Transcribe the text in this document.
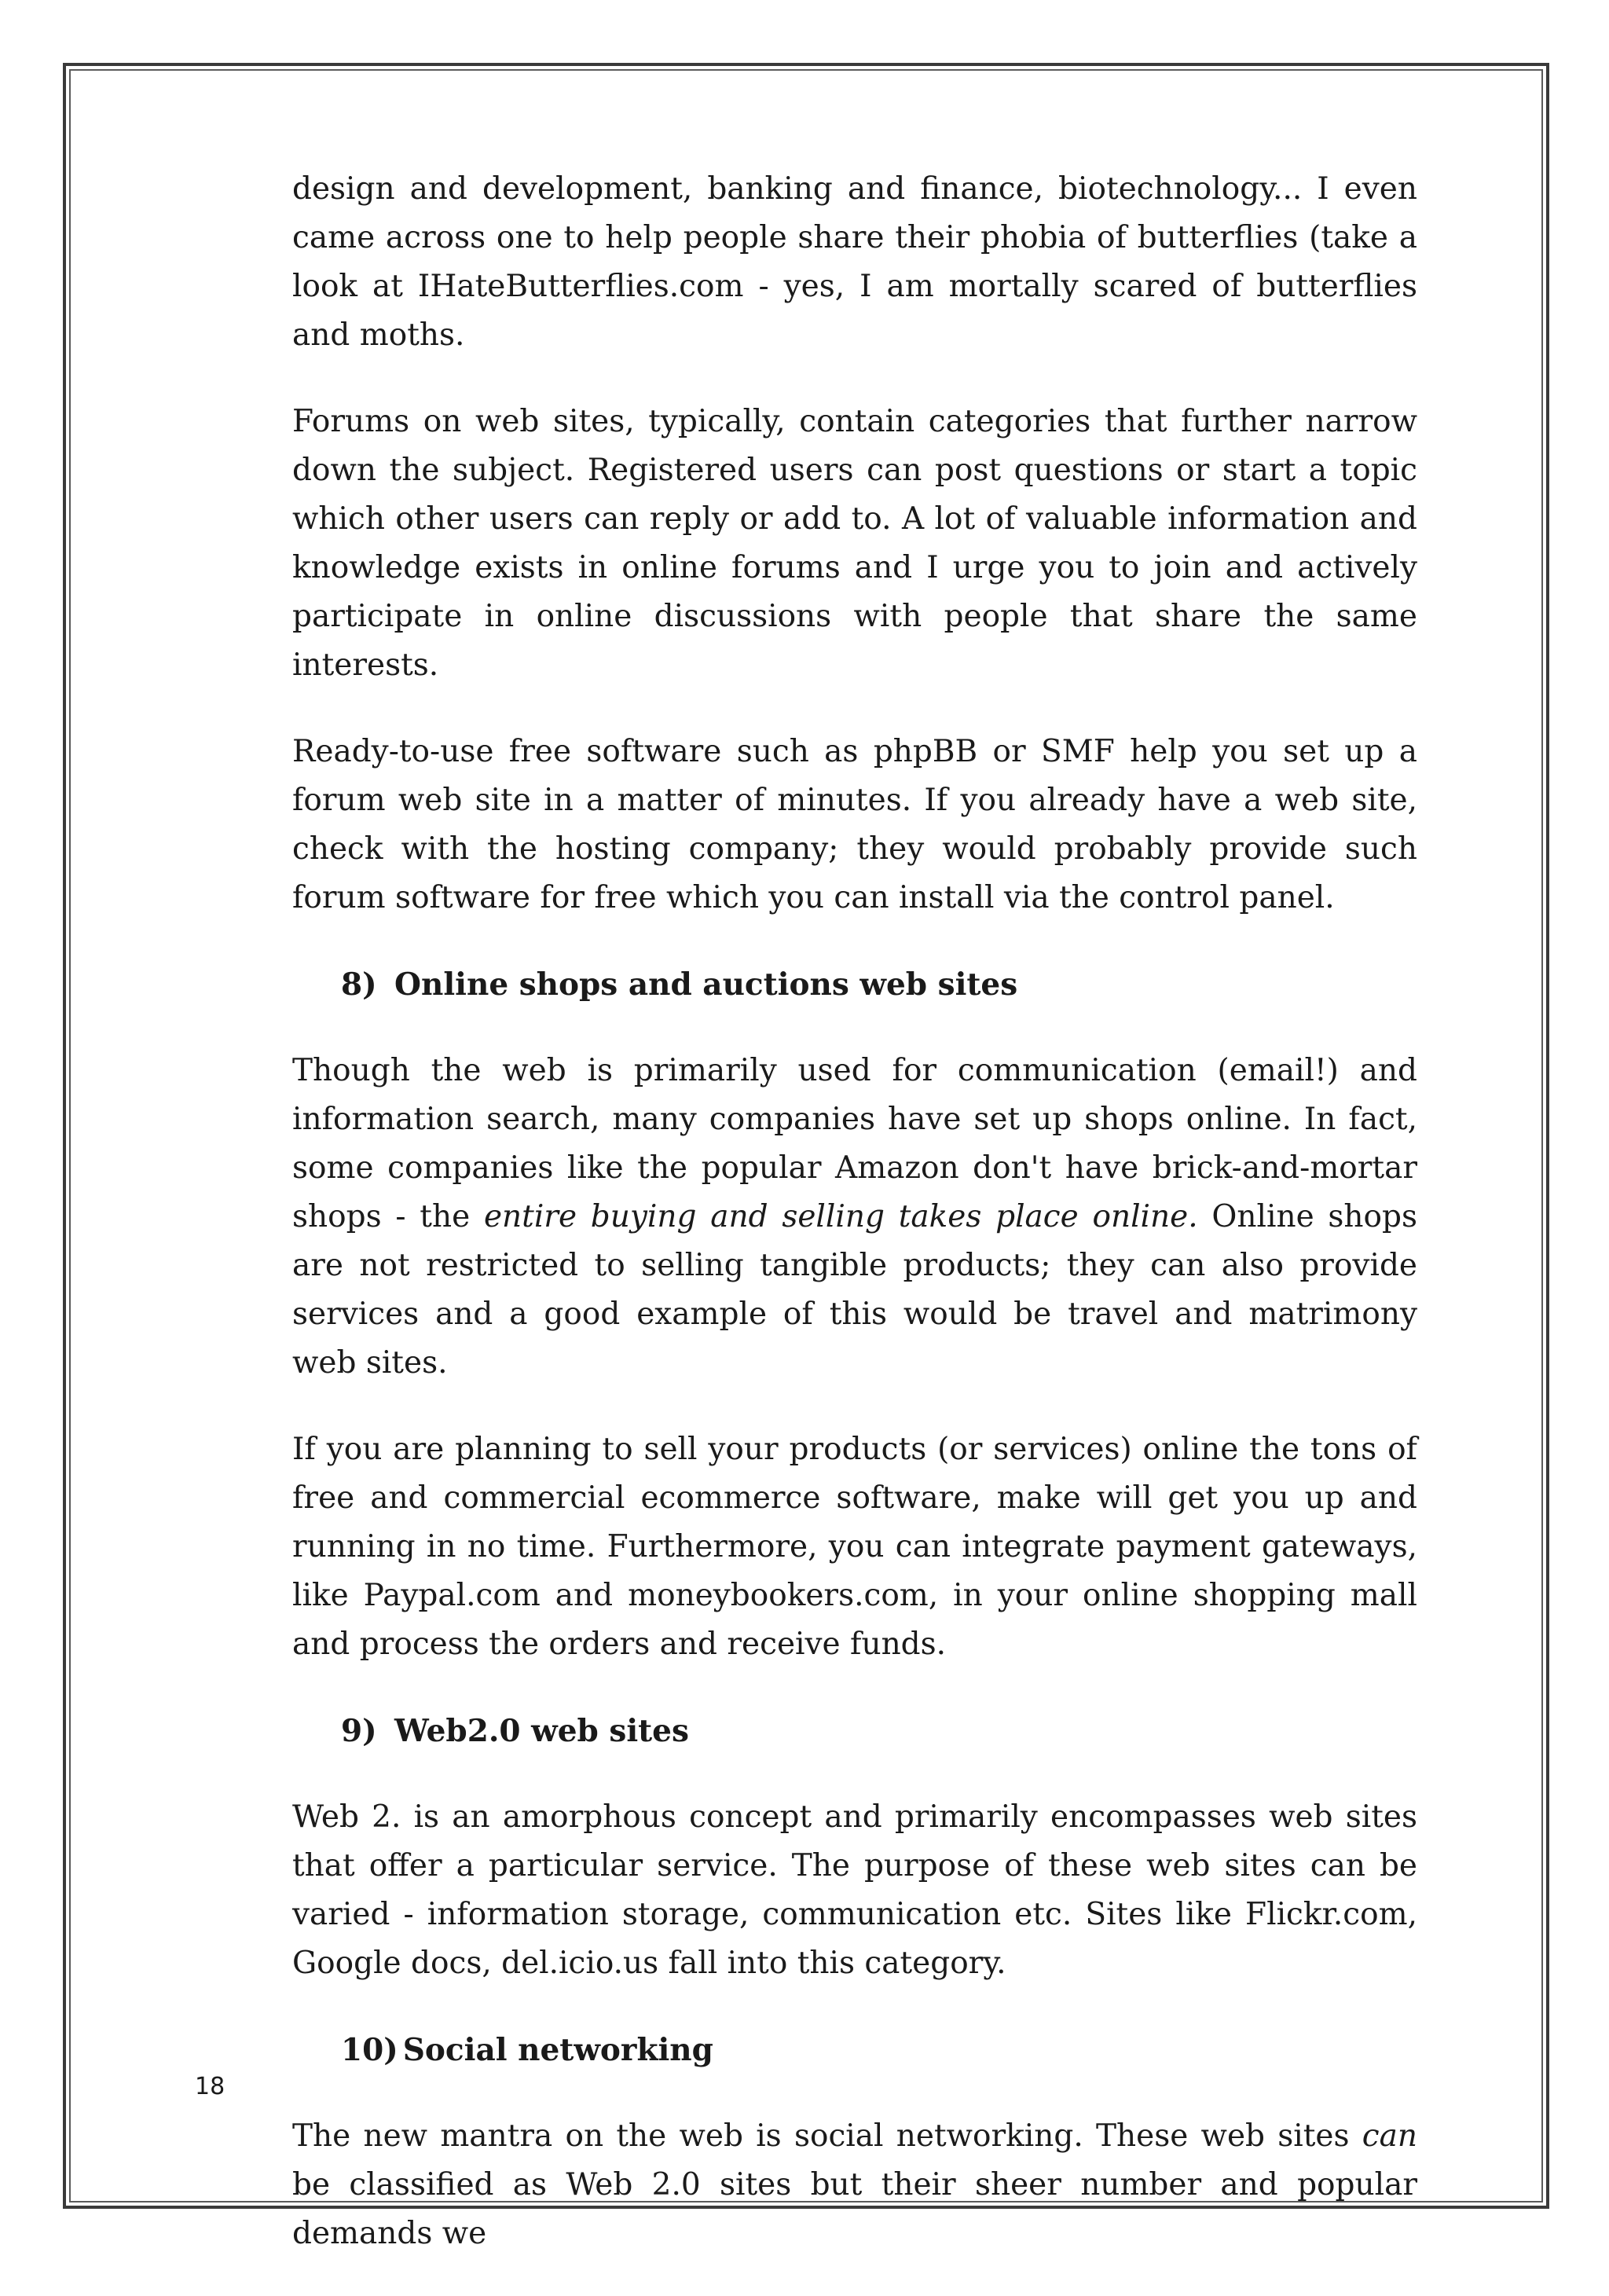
design and development, banking and finance, biotechnology... I even came across one to help people share their phobia of butterflies (take a look at IHateButterflies.com - yes, I am mortally scared of butterflies and moths.

Forums on web sites, typically, contain categories that further narrow down the subject. Registered users can post questions or start a topic which other users can reply or add to. A lot of valuable information and knowledge exists in online forums and I urge you to join and actively participate in online discussions with people that share the same interests.

Ready-to-use free software such as phpBB or SMF help you set up a forum web site in a matter of minutes. If you already have a web site, check with the hosting company; they would probably provide such forum software for free which you can install via the control panel.

8) Online shops and auctions web sites

Though the web is primarily used for communication (email!) and information search, many companies have set up shops online. In fact, some companies like the popular Amazon don't have brick-and-mortar shops - the entire buying and selling takes place online. Online shops are not restricted to selling tangible products; they can also provide services and a good example of this would be travel and matrimony web sites.

If you are planning to sell your products (or services) online the tons of free and commercial ecommerce software, make will get you up and running in no time. Furthermore, you can integrate payment gateways, like Paypal.com and moneybookers.com, in your online shopping mall and process the orders and receive funds.

9) Web2.0 web sites

Web 2. is an amorphous concept and primarily encompasses web sites that offer a particular service. The purpose of these web sites can be varied - information storage, communication etc. Sites like Flickr.com, Google docs, del.icio.us fall into this category.

10) Social networking

The new mantra on the web is social networking. These web sites can be classified as Web 2.0 sites but their sheer number and popular demands we

18
